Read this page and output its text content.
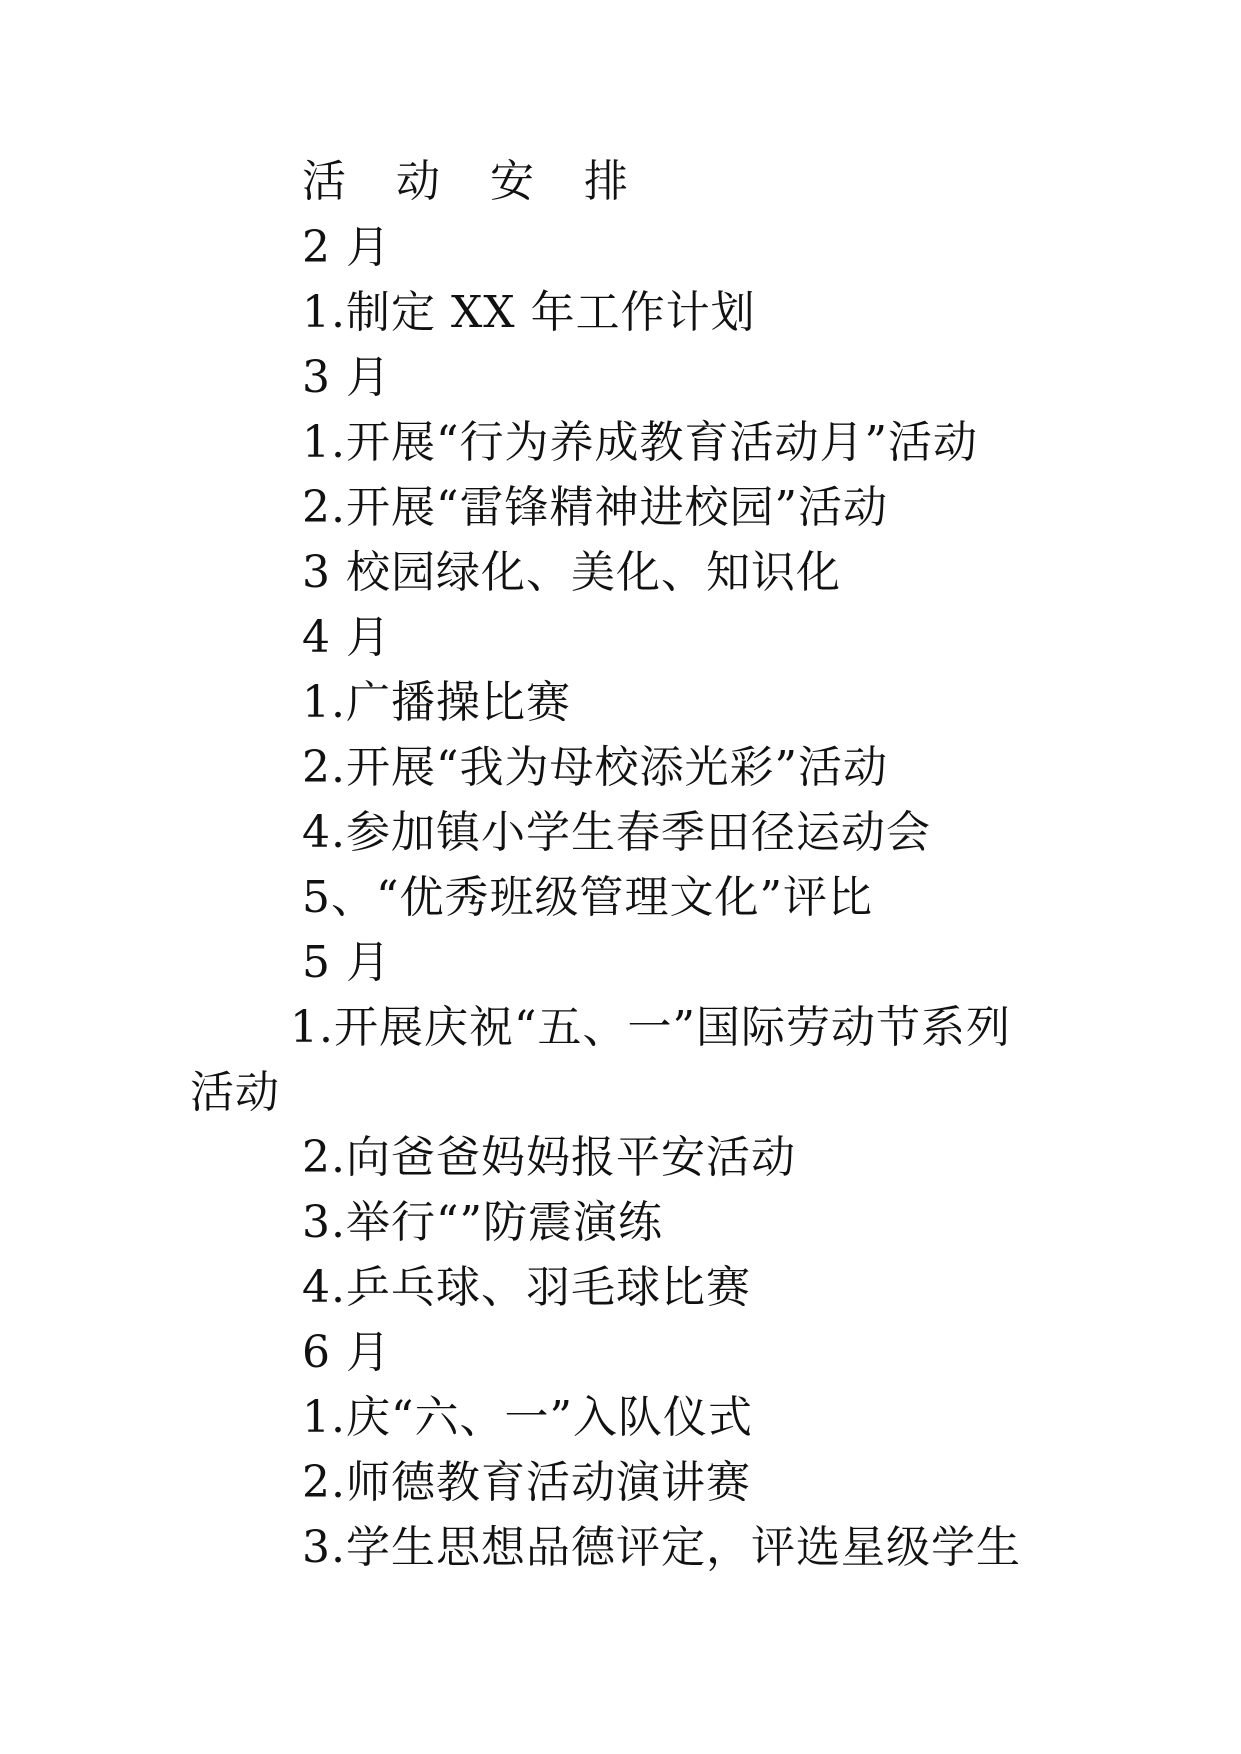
活 动 安 排
2 月
1.制定 XX 年工作计划
3 月
1.开展“行为养成教育活动月”活动
2.开展“雷锋精神进校园”活动
3 校园绿化、美化、知识化
4 月
1.广播操比赛
2.开展“我为母校添光彩”活动
4.参加镇小学生春季田径运动会
5、“优秀班级管理文化”评比
5 月
1.开展庆祝“五、一”国际劳动节系列
活动
2.向爸爸妈妈报平安活动
3.举行“”防震演练
4.乒乓球、羽毛球比赛
6 月
1.庆“六、一”入队仪式
2.师德教育活动演讲赛
3.学生思想品德评定，评选星级学生
